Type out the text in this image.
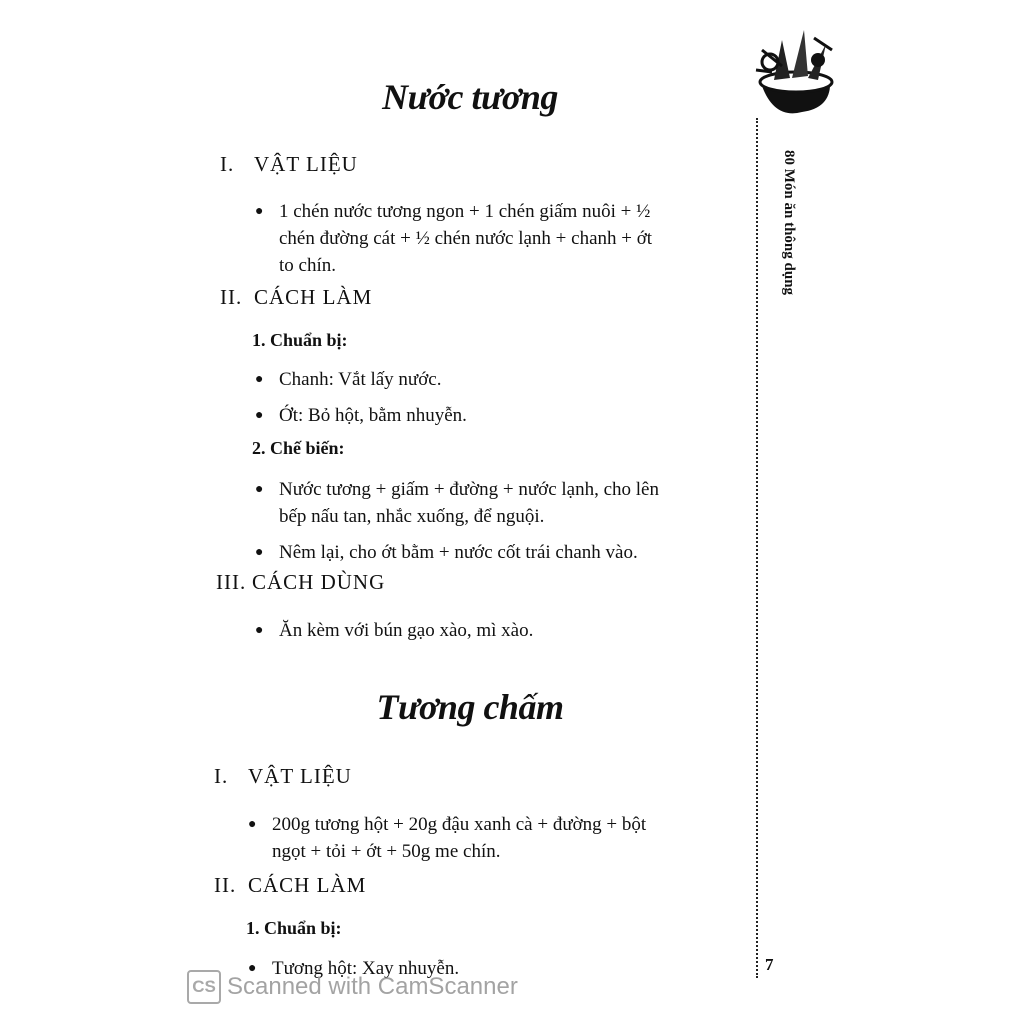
80 Món ăn thông dụng
7
Nước tương
I. VẬT LIỆU
● 1 chén nước tương ngon + 1 chén giấm nuôi + ½
chén đường cát + ½ chén nước lạnh + chanh + ớt
to chín.
II. CÁCH LÀM
1. Chuẩn bị:
● Chanh: Vắt lấy nước.
● Ớt: Bỏ hột, bằm nhuyễn.
2. Chế biến:
● Nước tương + giấm + đường + nước lạnh, cho lên
bếp nấu tan, nhắc xuống, để nguội.
● Nêm lại, cho ớt bằm + nước cốt trái chanh vào.
III. CÁCH DÙNG
● Ăn kèm với bún gạo xào, mì xào.
Tương chấm
I. VẬT LIỆU
● 200g tương hột + 20g đậu xanh cà + đường + bột
ngọt + tỏi + ớt + 50g me chín.
II. CÁCH LÀM
1. Chuẩn bị:
● Tương hột: Xay nhuyễn.
CS Scanned with CamScanner
